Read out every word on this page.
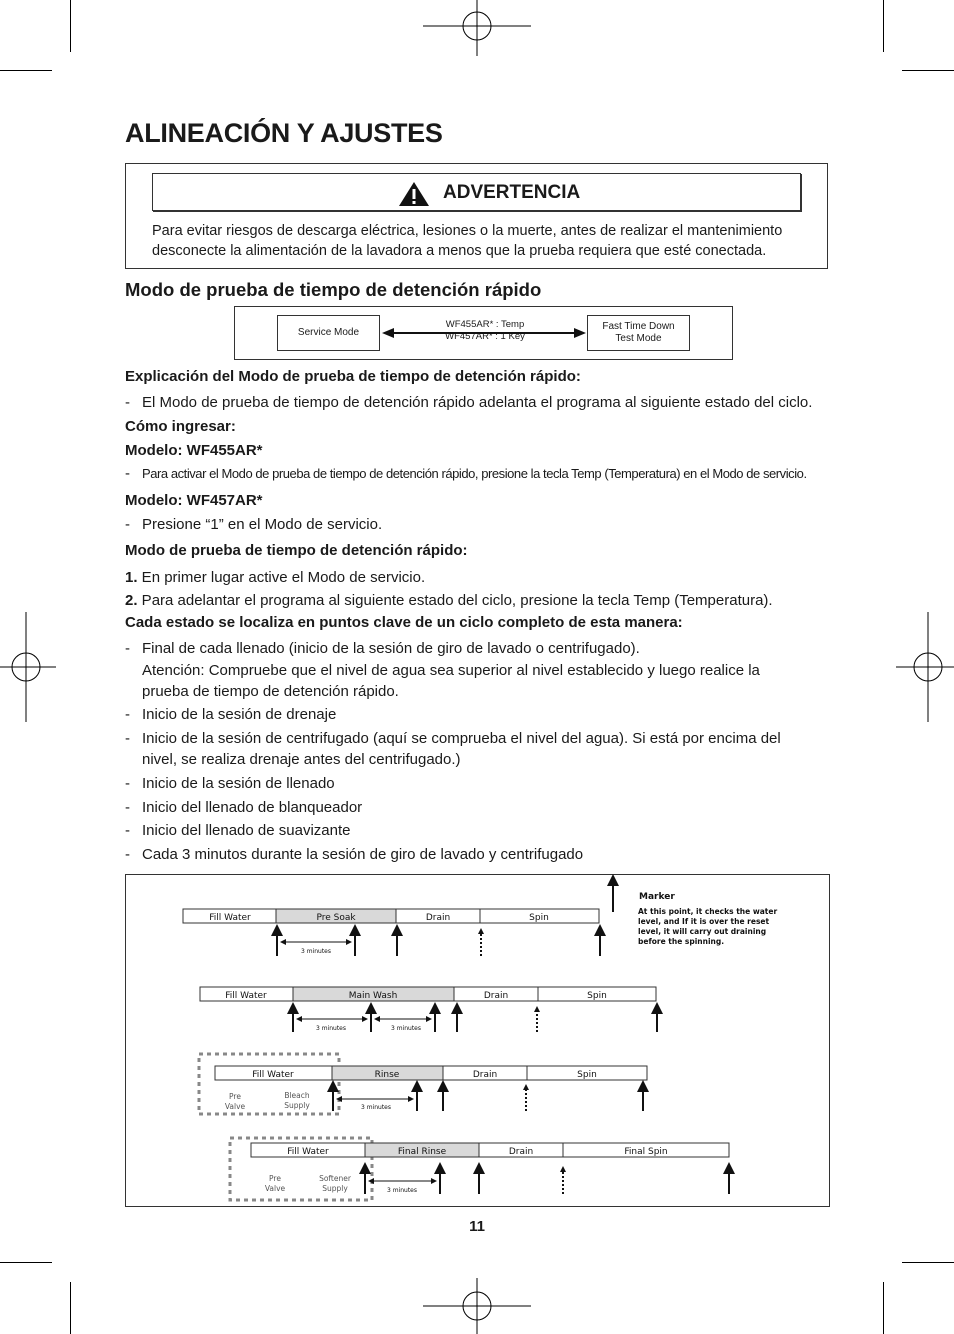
ALINEACIÓN Y AJUSTES
ADVERTENCIA
Para evitar riesgos de descarga eléctrica, lesiones o la muerte, antes de realizar el mantenimiento
desconecte la alimentación de la lavadora a menos que la prueba requiera que esté conectada.
Modo de prueba de tiempo de detención rápido
Service Mode
WF455AR* : Temp
WF457AR* : 1 Key
Fast Time Down
Test Mode
Explicación del Modo de prueba de tiempo de detención rápido:
- El Modo de prueba de tiempo de detención rápido adelanta el programa al siguiente estado del ciclo.
Cómo ingresar:
Modelo: WF455AR*
- Para activar el Modo de prueba de tiempo de detención rápido, presione la tecla Temp (Temperatura) en el Modo de servicio.
Modelo: WF457AR*
- Presione “1” en el Modo de servicio.
Modo de prueba de tiempo de detención rápido:
1. En primer lugar active el Modo de servicio.
2. Para adelantar el programa al siguiente estado del ciclo, presione la tecla Temp (Temperatura).
Cada estado se localiza en puntos clave de un ciclo completo de esta manera:
- Final de cada llenado (inicio de la sesión de giro de lavado o centrifugado).
Atención: Compruebe que el nivel de agua sea superior al nivel establecido y luego realice la
prueba de tiempo de detención rápido.
- Inicio de la sesión de drenaje
- Inicio de la sesión de centrifugado (aquí se comprueba el nivel del agua). Si está por encima del
nivel, se realiza drenaje antes del centrifugado.)
- Inicio de la sesión de llenado
- Inicio del llenado de blanqueador
- Inicio del llenado de suavizante
- Cada 3 minutos durante la sesión de giro de lavado y centrifugado
Marker
At this point, it checks the water
level, and If it is over the reset
level, it will carry out draining
before the spinning.
Fill Water	Pre Soak	Drain	Spin
3 minutes
Fill Water	Main Wash	Drain	Spin
3 minutes	3 minutes
Fill Water	Rinse	Drain	Spin
Pre
Valve
Bleach
Supply	3 minutes
Fill Water	Final Rinse	Drain	Final Spin
Pre
Valve
Softener
Supply	3 minutes
11
